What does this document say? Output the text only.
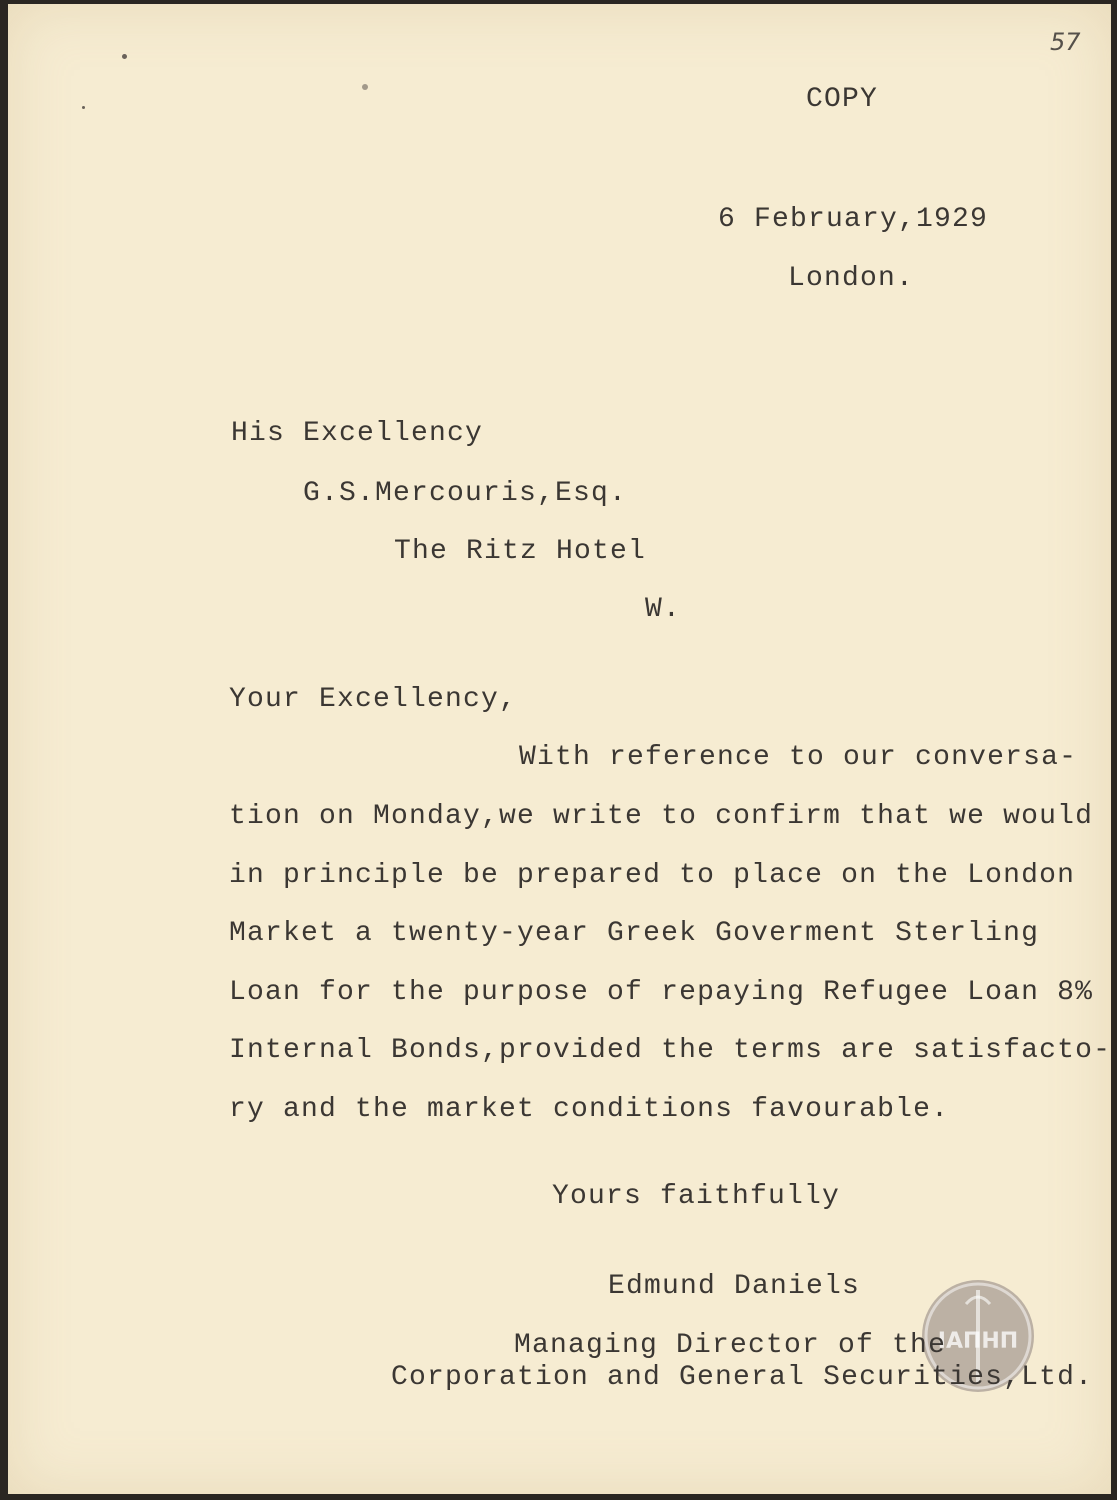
57
COPY
6 February,1929
London.
His Excellency
G.S.Mercouris,Esq.
The Ritz Hotel
W.
Your Excellency,
With reference to our conversa-
tion on Monday,we write to confirm that we would
in principle be prepared to place on the London
Market a twenty-year Greek Goverment Sterling
Loan for the purpose of repaying Refugee Loan 8%
Internal Bonds,provided the terms are satisfacto-
ry and the market conditions favourable.
Yours faithfully
Edmund Daniels
ΙΑΠΗΠ
Managing Director of the
Corporation and General Securities,Ltd.
